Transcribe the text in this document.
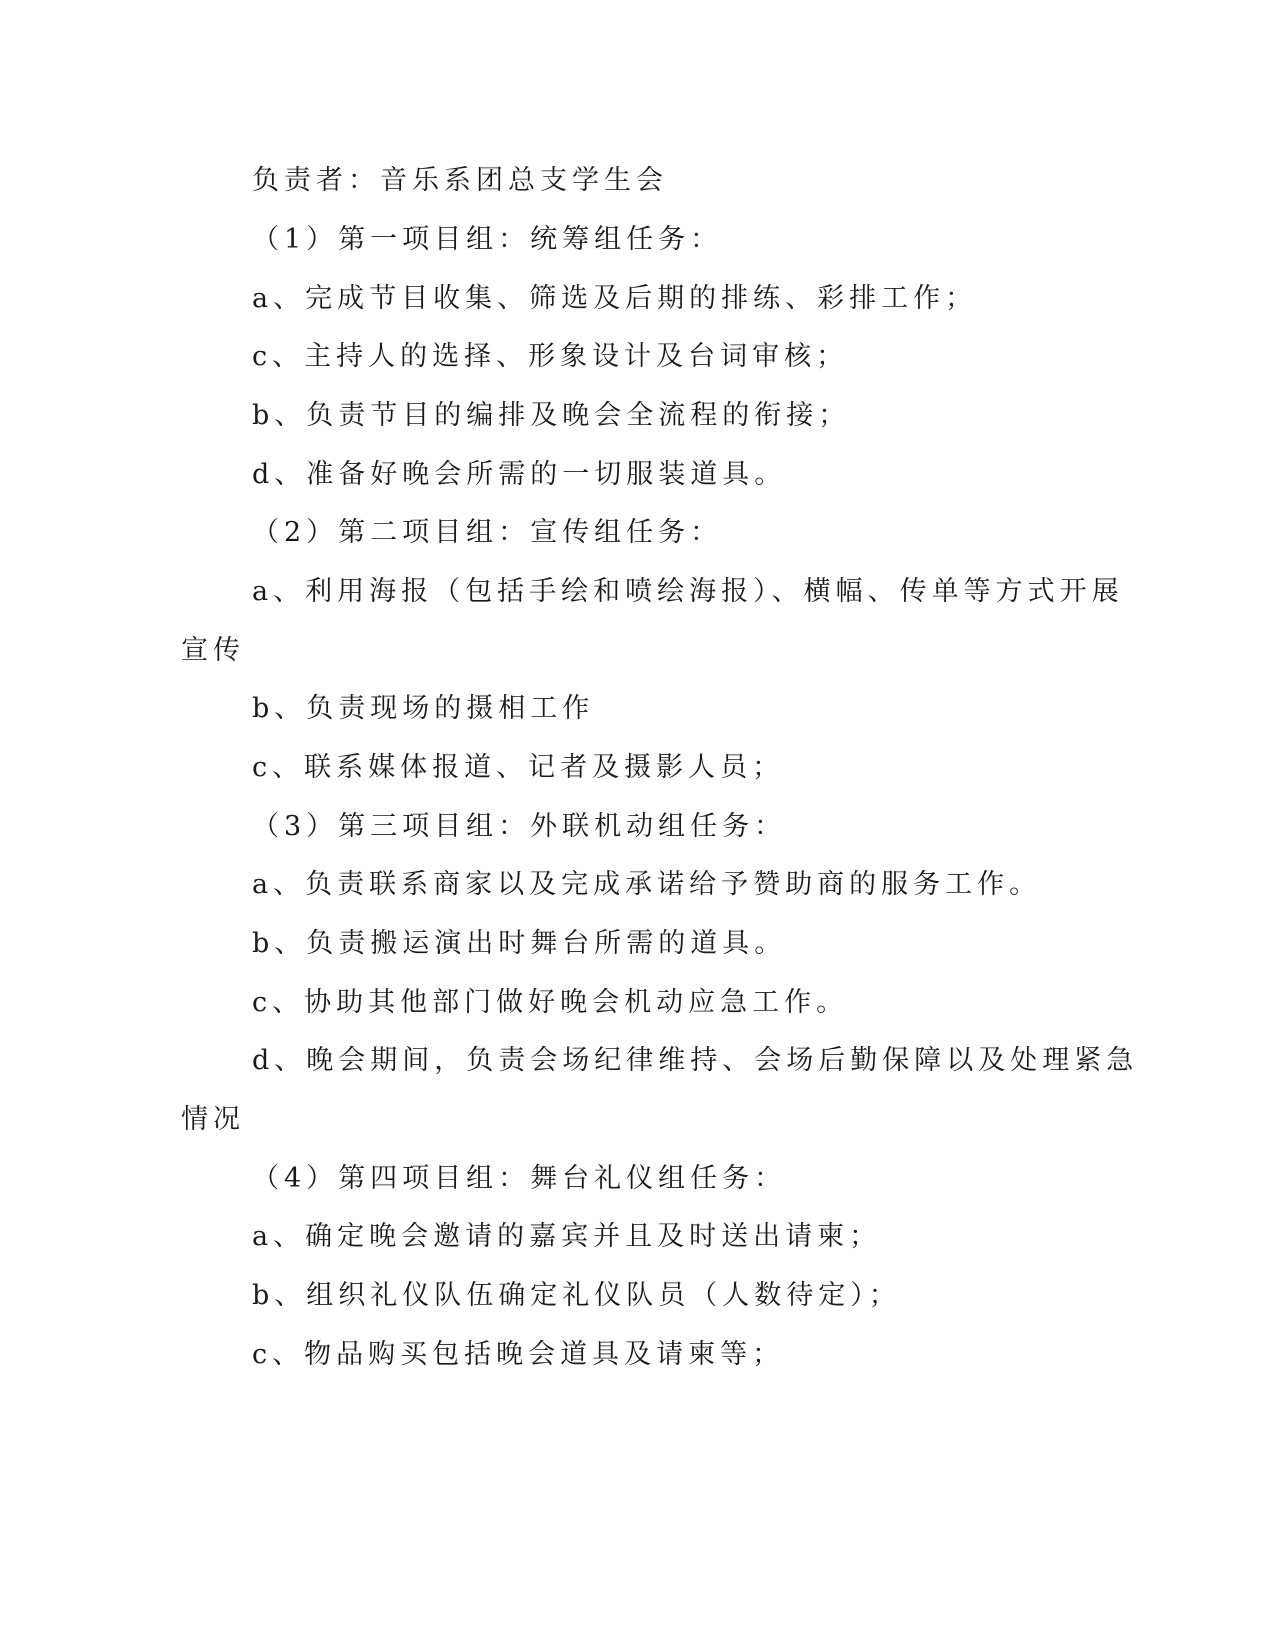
负责者：音乐系团总支学生会
（1）第一项目组：统筹组任务：
a、完成节目收集、筛选及后期的排练、彩排工作；
c、主持人的选择、形象设计及台词审核；
b、负责节目的编排及晚会全流程的衔接；
d、准备好晚会所需的一切服装道具。
（2）第二项目组：宣传组任务：
a、利用海报（包括手绘和喷绘海报）、横幅、传单等方式开展
宣传
b、负责现场的摄相工作
c、联系媒体报道、记者及摄影人员；
（3）第三项目组：外联机动组任务：
a、负责联系商家以及完成承诺给予赞助商的服务工作。
b、负责搬运演出时舞台所需的道具。
c、协助其他部门做好晚会机动应急工作。
d、晚会期间，负责会场纪律维持、会场后勤保障以及处理紧急
情况
（4）第四项目组：舞台礼仪组任务：
a、确定晚会邀请的嘉宾并且及时送出请柬；
b、组织礼仪队伍确定礼仪队员（人数待定）；
c、物品购买包括晚会道具及请柬等；
